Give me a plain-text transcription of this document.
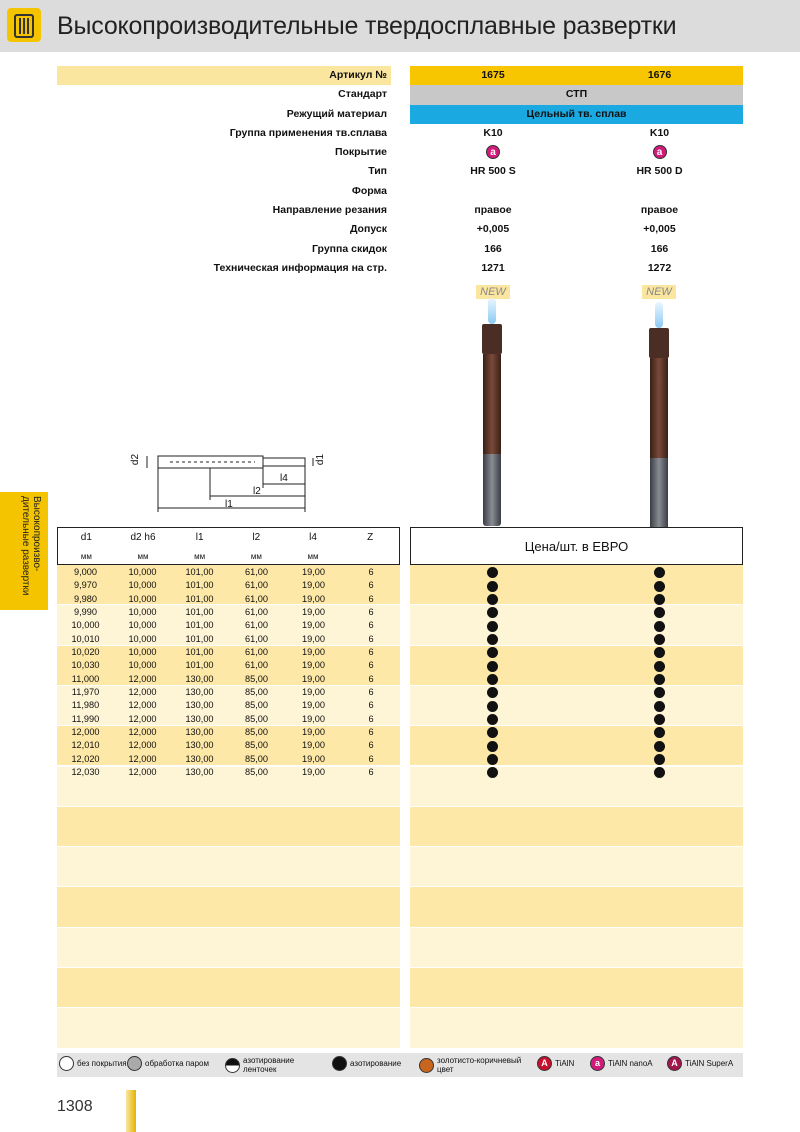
Высокопроизводительные твердосплавные развертки
Артикул №	1675	1676
Стандарт	СТП
Режущий материал	Цельный тв. сплав
Группа применения тв.сплава	K10	K10
Покрытие	a	a
Тип	HR 500 S	HR 500 D
Форма
Направление резания	правое	правое
Допуск	+0,005	+0,005
Группа скидок	166	166
Техническая информация на стр.	1271	1272
NEW	NEW
1/100	1/100
d2	d1
l4
l2
l1
Высокопроизво-дительные развертки	d1	d2 h6	l1	l2	l4	Z
мм	мм	мм	мм	мм
Цена/шт. в ЕВРО
9,000	10,000	101,00	61,00	19,00	6
9,970	10,000	101,00	61,00	19,00	6
9,980	10,000	101,00	61,00	19,00	6
9,990	10,000	101,00	61,00	19,00	6
10,000	10,000	101,00	61,00	19,00	6
10,010	10,000	101,00	61,00	19,00	6
10,020	10,000	101,00	61,00	19,00	6
10,030	10,000	101,00	61,00	19,00	6
11,000	12,000	130,00	85,00	19,00	6
11,970	12,000	130,00	85,00	19,00	6
11,980	12,000	130,00	85,00	19,00	6
11,990	12,000	130,00	85,00	19,00	6
12,000	12,000	130,00	85,00	19,00	6
12,010	12,000	130,00	85,00	19,00	6
12,020	12,000	130,00	85,00	19,00	6
12,030	12,000	130,00	85,00	19,00	6
без покрытия обработка паром	азотирование ленточек
азотирование	золотисто-коричневый цвет
A TiAlN	a	TiAlN nanoA	A TiAlN SuperA
1308
